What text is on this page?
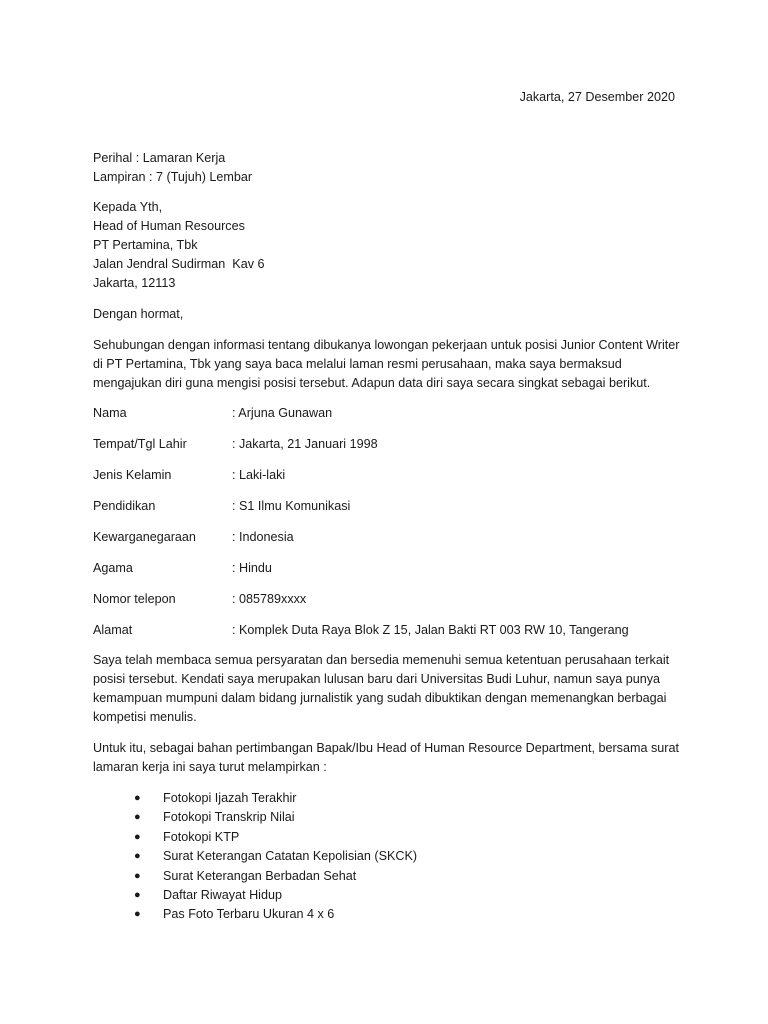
Jakarta, 27 Desember 2020

Perihal : Lamaran Kerja

Lampiran : 7 (Tujuh) Lembar

Kepada Yth,

Head of Human Resources

PT Pertamina, Tbk

Jalan Jendral Sudirman  Kav 6

Jakarta, 12113

Dengan hormat,
Sehubungan dengan informasi tentang dibukanya lowongan pekerjaan untuk posisi Junior Content Writer di PT Pertamina, Tbk yang saya baca melalui laman resmi perusahaan, maka saya bermaksud mengajukan diri guna mengisi posisi tersebut. Adapun data diri saya secara singkat sebagai berikut.
Nama	: Arjuna Gunawan
Tempat/Tgl Lahir	: Jakarta, 21 Januari 1998
Jenis Kelamin	: Laki-laki
Pendidikan	: S1 Ilmu Komunikasi
Kewarganegaraan	: Indonesia
Agama	: Hindu
Nomor telepon	: 085789xxxx
Alamat	: Komplek Duta Raya Blok Z 15, Jalan Bakti RT 003 RW 10, Tangerang
Saya telah membaca semua persyaratan dan bersedia memenuhi semua ketentuan perusahaan terkait posisi tersebut. Kendati saya merupakan lulusan baru dari Universitas Budi Luhur, namun saya punya kemampuan mumpuni dalam bidang jurnalistik yang sudah dibuktikan dengan memenangkan berbagai kompetisi menulis.
Untuk itu, sebagai bahan pertimbangan Bapak/Ibu Head of Human Resource Department, bersama surat lamaran kerja ini saya turut melampirkan :
●	Fotokopi Ijazah Terakhir
●	Fotokopi Transkrip Nilai
●	Fotokopi KTP
●	Surat Keterangan Catatan Kepolisian (SKCK)
●	Surat Keterangan Berbadan Sehat
●	Daftar Riwayat Hidup
●	Pas Foto Terbaru Ukuran 4 x 6
